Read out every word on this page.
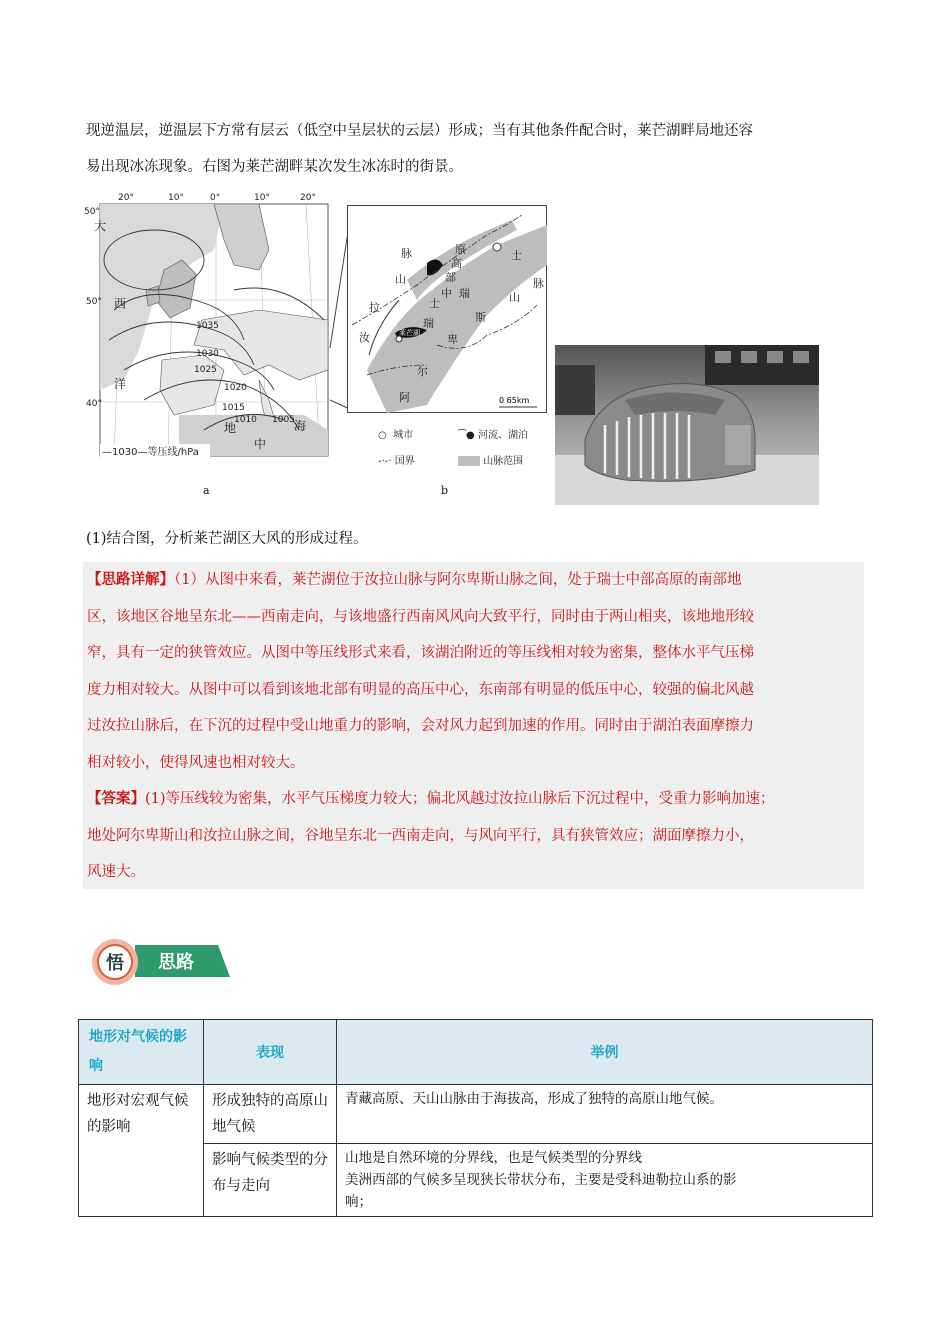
现逆温层，逆温层下方常有层云（低空中呈层状的云层）形成；当有其他条件配合时，莱芒湖畔局地还容
易出现冰冻现象。右图为莱芒湖畔某次发生冰冻时的街景。
20°	10°	0°	10°	20°
50°
50°
40°
1035
1030
1025
1020
1015
1010 1005
大
西
洋
地
中
海
—1030—等压线/hPa
a
脉
山
拉
汝
原
高
部
中
士
瑞
瑞
斯
山
卑
尔
阿
脉
士
莱芒湖
0 65km
○  城市	⁀● 河流、湖泊
-·-· 国界	山脉范围
b
(1)结合图，分析莱芒湖区大风的形成过程。
【思路详解】（1）从图中来看，莱芒湖位于汝拉山脉与阿尔卑斯山脉之间，处于瑞士中部高原的南部地
区，该地区谷地呈东北——西南走向，与该地盛行西南风风向大致平行，同时由于两山相夹，该地地形较
窄，具有一定的狭管效应。从图中等压线形式来看，该湖泊附近的等压线相对较为密集，整体水平气压梯
度力相对较大。从图中可以看到该地北部有明显的高压中心，东南部有明显的低压中心，较强的偏北风越
过汝拉山脉后，在下沉的过程中受山地重力的影响，会对风力起到加速的作用。同时由于湖泊表面摩擦力
相对较小，使得风速也相对较大。
【答案】(1)等压线较为密集，水平气压梯度力较大；偏北风越过汝拉山脉后下沉过程中，受重力影响加速；
地处阿尔卑斯山和汝拉山脉之间，谷地呈东北一西南走向，与风向平行，具有狭管效应；湖面摩擦力小，
风速大。
悟 思路
地形对气候的影响	表现	举例
地形对宏观气候的影响	形成独特的高原山地气候	青藏高原、天山山脉由于海拔高，形成了独特的高原山地气候。

	影响气候类型的分布与走向	山地是自然环境的分界线，也是气候类型的分界线
美洲西部的气候多呈现狭长带状分布，主要是受科迪勒拉山系的影
响；
